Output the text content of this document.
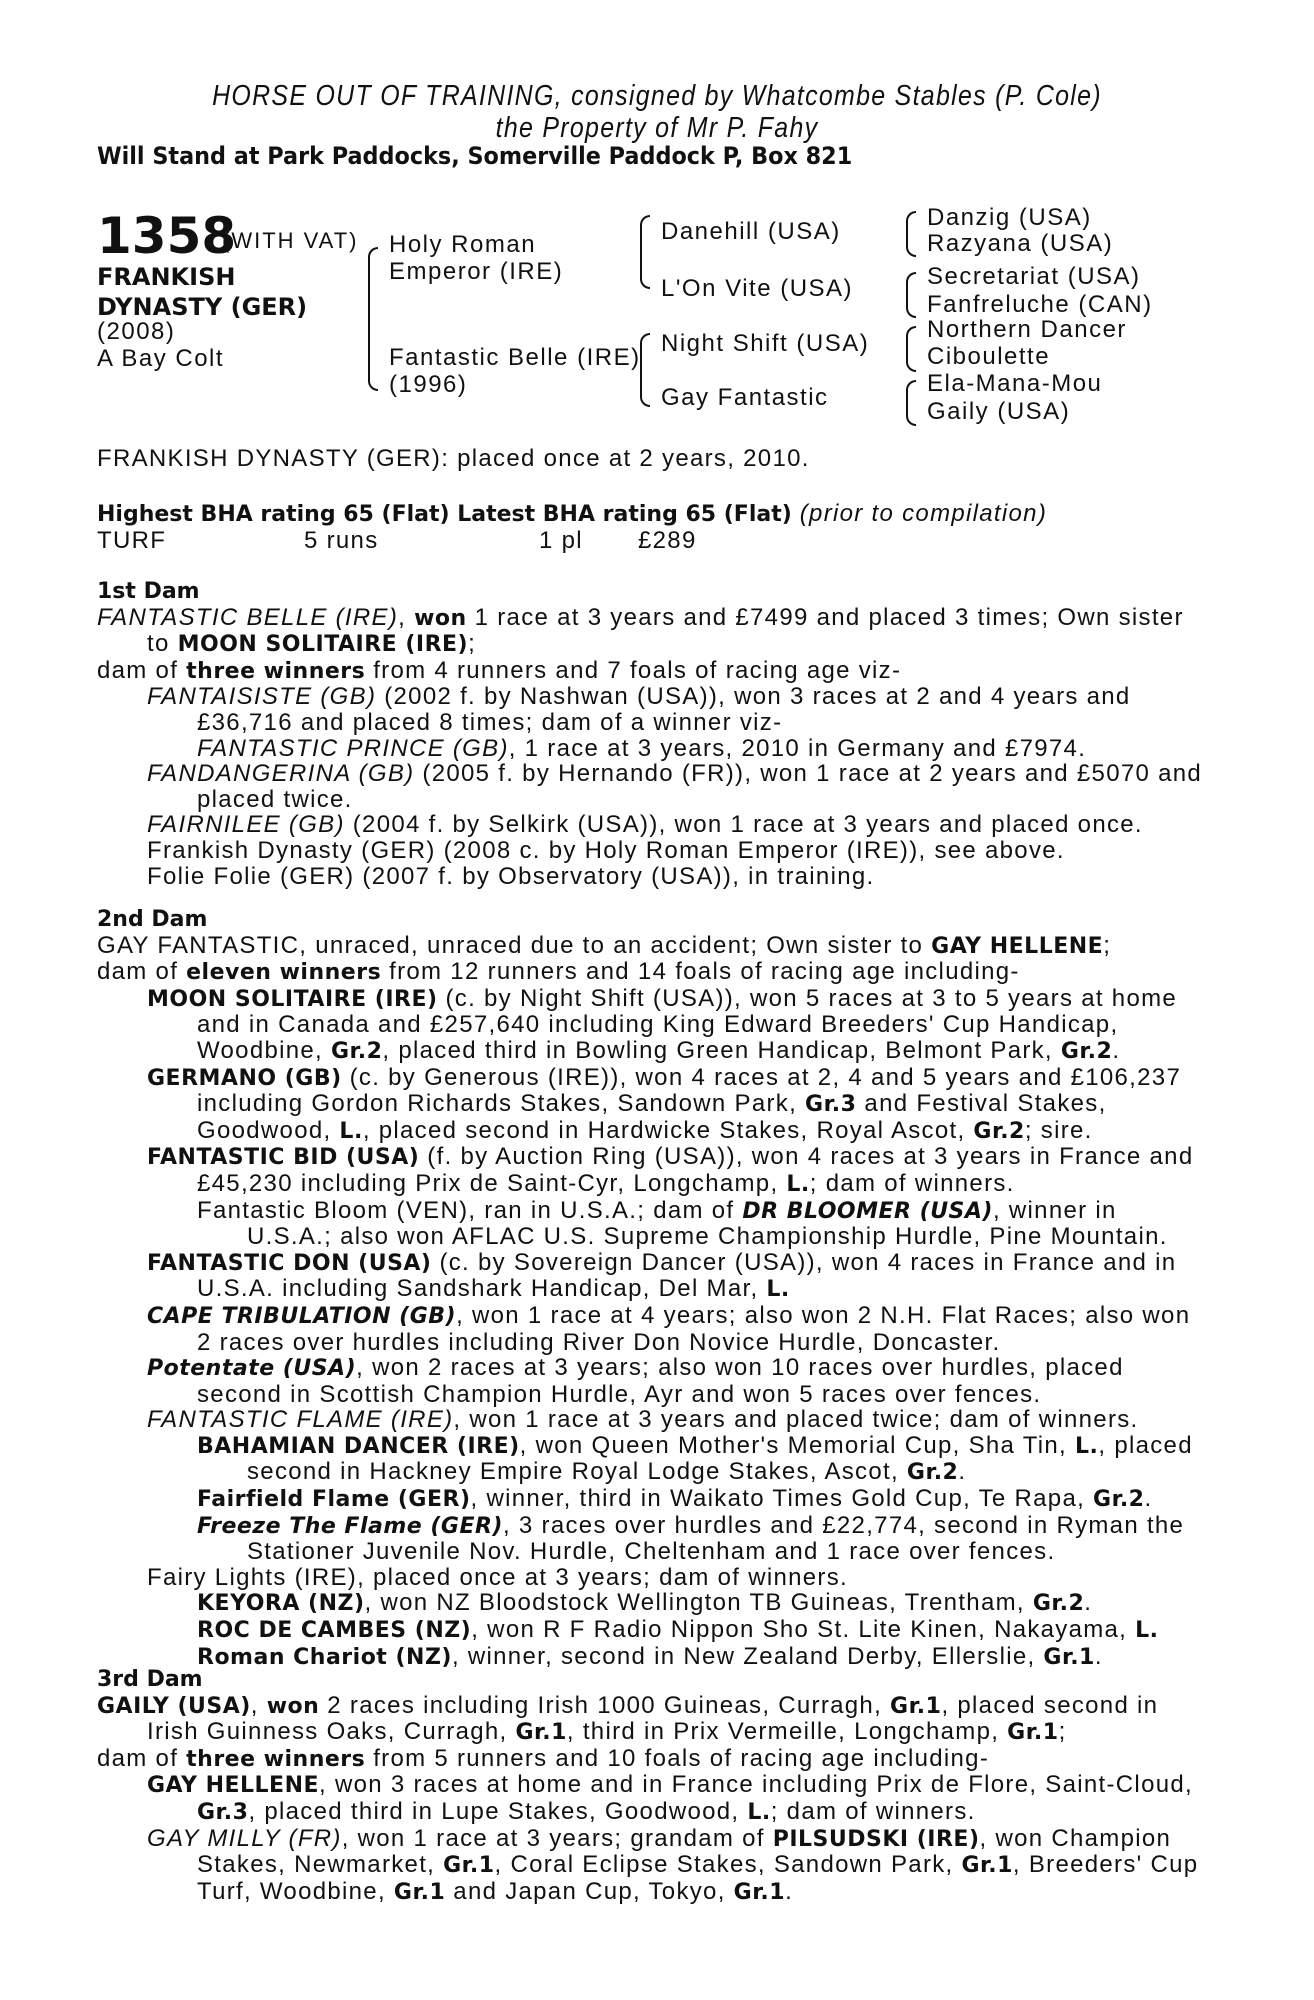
HORSE OUT OF TRAINING, consigned by Whatcombe Stables (P. Cole)
the Property of Mr P. Fahy
Will Stand at Park Paddocks, Somerville Paddock P, Box 821
1358
(WITH VAT)
FRANKISH
DYNASTY (GER)
(2008)
A Bay Colt
Holy Roman
Emperor (IRE)
Fantastic Belle (IRE)
(1996)
Danehill (USA)
L'On Vite (USA)
Night Shift (USA)
Gay Fantastic
Danzig (USA)
Razyana (USA)
Secretariat (USA)
Fanfreluche (CAN)
Northern Dancer
Ciboulette
Ela-Mana-Mou
Gaily (USA)
FRANKISH DYNASTY (GER): placed once at 2 years, 2010.

Highest BHA rating 65 (Flat) Latest BHA rating 65 (Flat) (prior to compilation)

TURF	5 runs	1 pl £289

1st Dam

FANTASTIC BELLE (IRE), won 1 race at 3 years and £7499 and placed 3 times; Own sister to MOON SOLITAIRE (IRE);

dam of three winners from 4 runners and 7 foals of racing age viz-

FANTAISISTE (GB) (2002 f. by Nashwan (USA)), won 3 races at 2 and 4 years and £36,716 and placed 8 times; dam of a winner viz-

FANTASTIC PRINCE (GB), 1 race at 3 years, 2010 in Germany and £7974.

FANDANGERINA (GB) (2005 f. by Hernando (FR)), won 1 race at 2 years and £5070 and placed twice.

FAIRNILEE (GB) (2004 f. by Selkirk (USA)), won 1 race at 3 years and placed once.

Frankish Dynasty (GER) (2008 c. by Holy Roman Emperor (IRE)), see above.

Folie Folie (GER) (2007 f. by Observatory (USA)), in training.

2nd Dam

GAY FANTASTIC, unraced, unraced due to an accident; Own sister to GAY HELLENE;

dam of eleven winners from 12 runners and 14 foals of racing age including-

MOON SOLITAIRE (IRE) (c. by Night Shift (USA)), won 5 races at 3 to 5 years at home and in Canada and £257,640 including King Edward Breeders' Cup Handicap, Woodbine, Gr.2, placed third in Bowling Green Handicap, Belmont Park, Gr.2.

GERMANO (GB) (c. by Generous (IRE)), won 4 races at 2, 4 and 5 years and £106,237 including Gordon Richards Stakes, Sandown Park, Gr.3 and Festival Stakes, Goodwood, L., placed second in Hardwicke Stakes, Royal Ascot, Gr.2; sire.

FANTASTIC BID (USA) (f. by Auction Ring (USA)), won 4 races at 3 years in France and £45,230 including Prix de Saint-Cyr, Longchamp, L.; dam of winners.

Fantastic Bloom (VEN), ran in U.S.A.; dam of DR BLOOMER (USA), winner in U.S.A.; also won AFLAC U.S. Supreme Championship Hurdle, Pine Mountain.

FANTASTIC DON (USA) (c. by Sovereign Dancer (USA)), won 4 races in France and in U.S.A. including Sandshark Handicap, Del Mar, L.

CAPE TRIBULATION (GB), won 1 race at 4 years; also won 2 N.H. Flat Races; also won 2 races over hurdles including River Don Novice Hurdle, Doncaster.

Potentate (USA), won 2 races at 3 years; also won 10 races over hurdles, placed second in Scottish Champion Hurdle, Ayr and won 5 races over fences.

FANTASTIC FLAME (IRE), won 1 race at 3 years and placed twice; dam of winners.

BAHAMIAN DANCER (IRE), won Queen Mother's Memorial Cup, Sha Tin, L., placed second in Hackney Empire Royal Lodge Stakes, Ascot, Gr.2.

Fairfield Flame (GER), winner, third in Waikato Times Gold Cup, Te Rapa, Gr.2.

Freeze The Flame (GER), 3 races over hurdles and £22,774, second in Ryman the Stationer Juvenile Nov. Hurdle, Cheltenham and 1 race over fences.

Fairy Lights (IRE), placed once at 3 years; dam of winners.

KEYORA (NZ), won NZ Bloodstock Wellington TB Guineas, Trentham, Gr.2.

ROC DE CAMBES (NZ), won R F Radio Nippon Sho St. Lite Kinen, Nakayama, L.

Roman Chariot (NZ), winner, second in New Zealand Derby, Ellerslie, Gr.1.

3rd Dam

GAILY (USA), won 2 races including Irish 1000 Guineas, Curragh, Gr.1, placed second in Irish Guinness Oaks, Curragh, Gr.1, third in Prix Vermeille, Longchamp, Gr.1;

dam of three winners from 5 runners and 10 foals of racing age including-

GAY HELLENE, won 3 races at home and in France including Prix de Flore, Saint-Cloud, Gr.3, placed third in Lupe Stakes, Goodwood, L.; dam of winners.

GAY MILLY (FR), won 1 race at 3 years; grandam of PILSUDSKI (IRE), won Champion Stakes, Newmarket, Gr.1, Coral Eclipse Stakes, Sandown Park, Gr.1, Breeders' Cup Turf, Woodbine, Gr.1 and Japan Cup, Tokyo, Gr.1.
